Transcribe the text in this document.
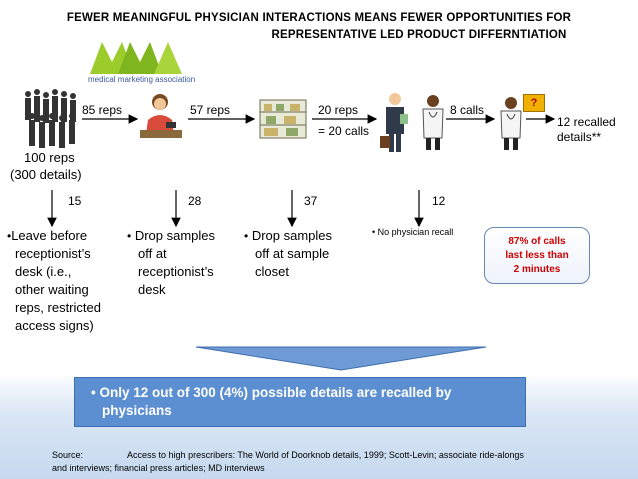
FEWER MEANINGFUL PHYSICIAN INTERACTIONS MEANS FEWER OPPORTUNITIES FOR
REPRESENTATIVE LED PRODUCT DIFFERNTIATION
medical marketing association
?
85 reps	57 reps	20 reps
= 20 calls
8 calls
12 recalled
details**
100 reps
(300 details)
15	28	37	12
•Leave before
receptionist’s
desk (i.e.,
other waiting
reps, restricted
access signs)
• Drop samples
off at
receptionist’s
desk
• Drop samples
off at sample
closet
• No physician recall
87% of calls
last less than
2 minutes
• Only 12 out of 300 (4%) possible details are recalled by
physicians
Source:	Access to high prescribers: The World of Doorknob details, 1999; Scott-Levin; associate ride-alongs
and interviews; financial press articles; MD interviews
